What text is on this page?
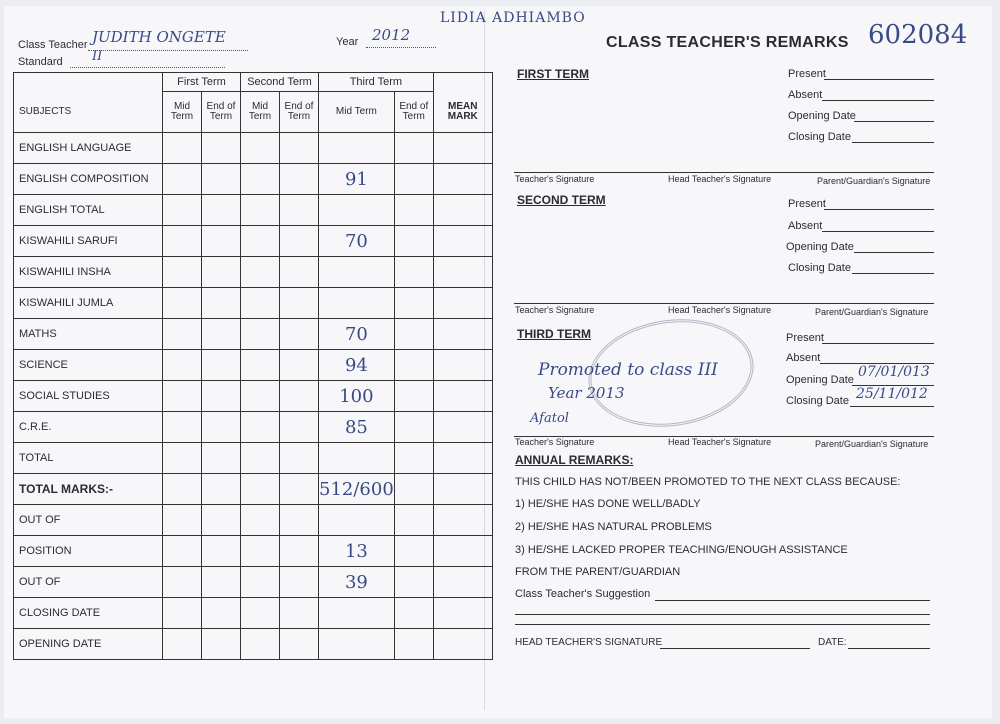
Class Teacher JUDITH ONGETE
Standard II
Year 2012
LIDIA ADHIAMBO
	First Term		Second Term		Third Term		
SUBJECTS	Mid Term	End of Term	Mid Term	End of Term	Mid Term	End of Term	MEAN MARK
ENGLISH LANGUAGE							
ENGLISH COMPOSITION					91		
ENGLISH TOTAL							
KISWAHILI SARUFI					70		
KISWAHILI INSHA							
KISWAHILI JUMLA							
MATHS					70		
SCIENCE					94		
SOCIAL STUDIES					100		
C.R.E.					85		
TOTAL							
TOTAL MARKS:-					512/600		
OUT OF							
POSITION					13		
OUT OF					39		
CLOSING DATE							
OPENING DATE							
CLASS TEACHER'S REMARKS 602084
FIRST TERM	Present
Absent
Opening Date
Closing Date
Teacher's Signature	Head Teacher's Signature	Parent/Guardian's Signature
SECOND TERM	Present
Absent
Opening Date
Closing Date
Teacher's Signature	Head Teacher's Signature	Parent/Guardian's Signature
THIRD TERM	Present
Absent
Opening Date 07/01/013
Closing Date 25/11/012
Promoted to class III
Year 2013
Afatol
Teacher's Signature	Head Teacher's Signature	Parent/Guardian's Signature
ANNUAL REMARKS:
THIS CHILD HAS NOT/BEEN PROMOTED TO THE NEXT CLASS BECAUSE:
1) HE/SHE HAS DONE WELL/BADLY
2) HE/SHE HAS NATURAL PROBLEMS
3) HE/SHE LACKED PROPER TEACHING/ENOUGH ASSISTANCE
FROM THE PARENT/GUARDIAN
Class Teacher's Suggestion
HEAD TEACHER'S SIGNATURE	DATE:
